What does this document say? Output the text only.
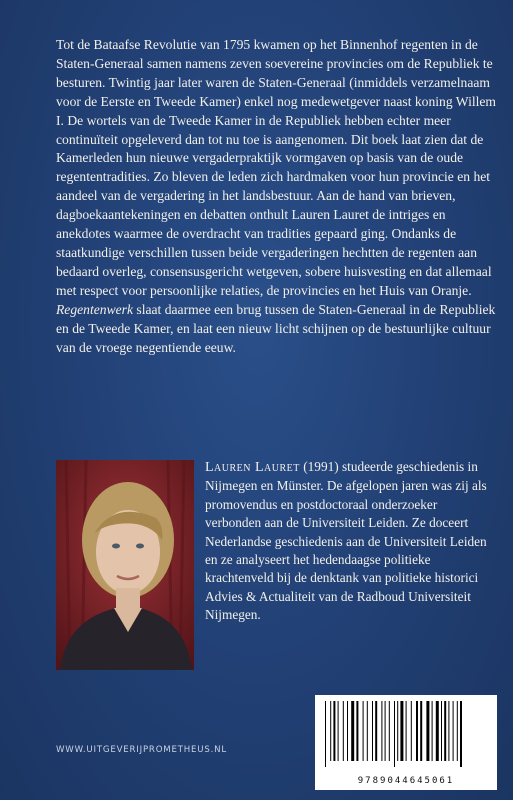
Tot de Bataafse Revolutie van 1795 kwamen op het Binnenhof regenten in de Staten-Generaal samen namens zeven soevereine provincies om de Republiek te besturen. Twintig jaar later waren de Staten-Generaal (inmiddels verzamelnaam voor de Eerste en Tweede Kamer) enkel nog medewetgever naast koning Willem I. De wortels van de Tweede Kamer in de Republiek hebben echter meer continuïteit opgeleverd dan tot nu toe is aangenomen. Dit boek laat zien dat de Kamerleden hun nieuwe vergaderpraktijk vormgaven op basis van de oude regententradities. Zo bleven de leden zich hardmaken voor hun provincie en het aandeel van de vergadering in het landsbestuur. Aan de hand van brieven, dagboekaantekeningen en debatten onthult Lauren Lauret de intriges en anekdotes waarmee de overdracht van tradities gepaard ging. Ondanks de staatkundige verschillen tussen beide vergaderingen hechtten de regenten aan bedaard overleg, consensusgericht wetgeven, sobere huisvesting en dat allemaal met respect voor persoonlijke relaties, de provincies en het Huis van Oranje. Regentenwerk slaat daarmee een brug tussen de Staten-Generaal in de Republiek en de Tweede Kamer, en laat een nieuw licht schijnen op de bestuurlijke cultuur van de vroege negentiende eeuw.

Lauren Lauret (1991) studeerde geschiedenis in Nijmegen en Münster. De afgelopen jaren was zij als promovendus en postdoctoraal onderzoeker verbonden aan de Universiteit Leiden. Ze doceert Nederlandse geschiedenis aan de Universiteit Leiden en ze analyseert het hedendaagse politieke krachtenveld bij de denktank van politieke historici Advies & Actualiteit van de Radboud Universiteit Nijmegen.
9789044645061
WWW.UITGEVERIJPROMETHEUS.NL
